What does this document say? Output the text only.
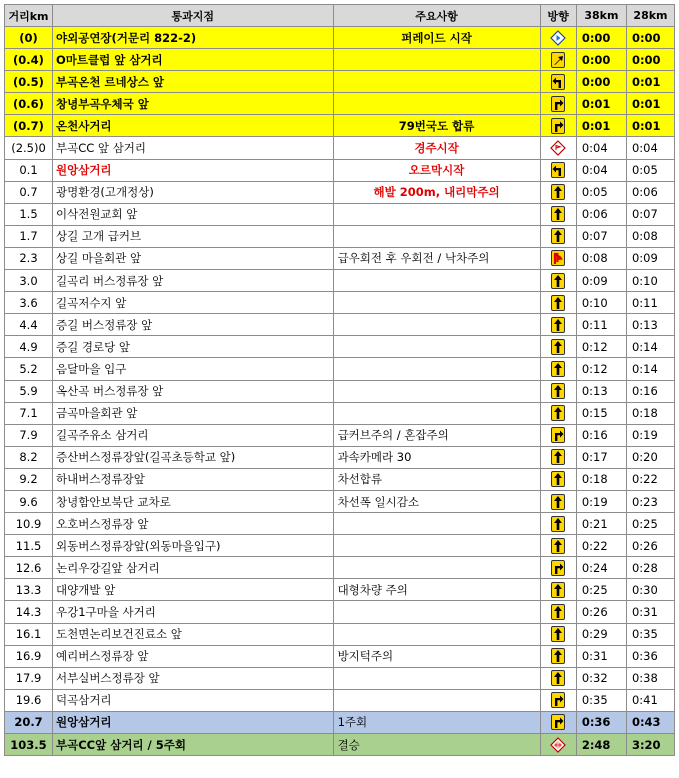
거리km	통과지점	주요사항	방향	38km	28km
(0)	야외공연장(거문리 822-2)	퍼레이드 시작		0:00	0:00
(0.4)	O마트클럽 앞 삼거리			0:00	0:00
(0.5)	부곡온천 르네상스 앞			0:00	0:01
(0.6)	창녕부곡우체국 앞			0:01	0:01
(0.7)	온천사거리	79번국도 합류		0:01	0:01
(2.5)0	부곡CC 앞 삼거리	경주시작		0:04	0:04
0.1	원앙삼거리	오르막시작		0:04	0:05
0.7	광명환경(고개정상)	해발 200m, 내리막주의		0:05	0:06
1.5	이삭전원교회 앞			0:06	0:07
1.7	상길 고개 급커브			0:07	0:08
2.3	상길 마을회관 앞	급우회전 후 우회전 / 낙차주의		0:08	0:09
3.0	길곡리 버스정류장 앞			0:09	0:10
3.6	길곡저수지 앞			0:10	0:11
4.4	증길 버스정류장 앞			0:11	0:13
4.9	증길 경로당 앞			0:12	0:14
5.2	음달마을 입구			0:12	0:14
5.9	옥산곡 버스정류장 앞			0:13	0:16
7.1	금곡마을회관 앞			0:15	0:18
7.9	길곡주유소 삼거리	급커브주의 / 혼잡주의		0:16	0:19
8.2	증산버스정류장앞(길곡초등학교 앞)	과속카메라 30		0:17	0:20
9.2	하내버스정류장앞	차선합류		0:18	0:22
9.6	창녕함안보북단 교차로	차선폭 일시감소		0:19	0:23
10.9	오호버스정류장 앞			0:21	0:25
11.5	외동버스정류장앞(외동마을입구)			0:22	0:26
12.6	논리우강길앞 삼거리			0:24	0:28
13.3	대양개발 앞	대형차량 주의		0:25	0:30
14.3	우강1구마을 사거리			0:26	0:31
16.1	도천면논리보건진료소 앞			0:29	0:35
16.9	예리버스정류장 앞	방지턱주의		0:31	0:36
17.9	서부실버스정류장 앞			0:32	0:38
19.6	덕곡삼거리			0:35	0:41
20.7	원앙삼거리	1주회		0:36	0:43
103.5	부곡CC앞 삼거리 / 5주회	결승		2:48	3:20
